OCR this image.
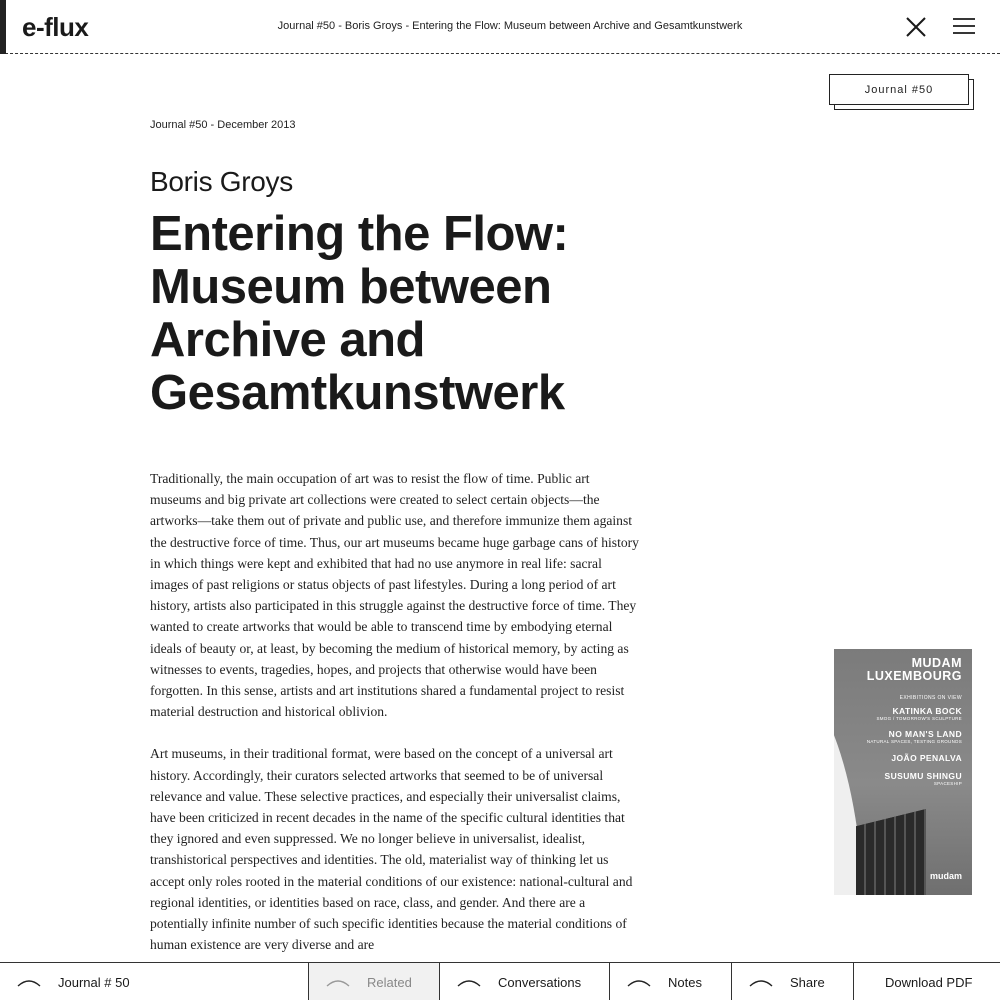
e-flux	Journal #50 - Boris Groys - Entering the Flow: Museum between Archive and Gesamtkunstwerk
Journal #50
Journal #50 - December 2013
Boris Groys
Entering the Flow: Museum between Archive and Gesamtkunstwerk

Traditionally, the main occupation of art was to resist the flow of time. Public art museums and big private art collections were created to select certain objects—the artworks—take them out of private and public use, and therefore immunize them against the destructive force of time. Thus, our art museums became huge garbage cans of history in which things were kept and exhibited that had no use anymore in real life: sacral images of past religions or status objects of past lifestyles. During a long period of art history, artists also participated in this struggle against the destructive force of time. They wanted to create artworks that would be able to transcend time by embodying eternal ideals of beauty or, at least, by becoming the medium of historical memory, by acting as witnesses to events, tragedies, hopes, and projects that otherwise would have been forgotten. In this sense, artists and art institutions shared a fundamental project to resist material destruction and historical oblivion.

Art museums, in their traditional format, were based on the concept of a universal art history. Accordingly, their curators selected artworks that seemed to be of universal relevance and value. These selective practices, and especially their universalist claims, have been criticized in recent decades in the name of the specific cultural identities that they ignored and even suppressed. We no longer believe in universalist, idealist, transhistorical perspectives and identities. The old, materialist way of thinking let us accept only roles rooted in the material conditions of our existence: national-cultural and regional identities, or identities based on race, class, and gender. And there are a potentially infinite number of such specific identities because the material conditions of human existence are very diverse and are

MUDAM
LUXEMBOURG
EXHIBITIONS ON VIEW
KATINKA BOCK
SMOG / TOMORROW'S SCULPTURE
NO MAN'S LAND
NATURAL SPACES, TESTING GROUNDS
JOÃO PENALVA
SUSUMU SHINGU
SPACESHIP
mudam
Journal # 50	Related	Conversations	Notes	Share	Download PDF
